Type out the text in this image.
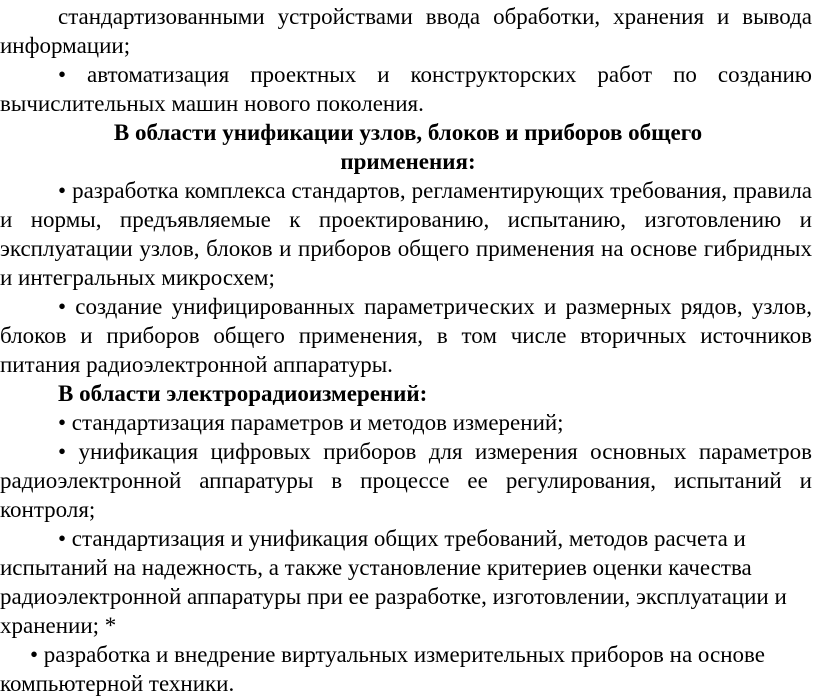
стандартизованными устройствами ввода обработки, хранения и вывода информации;

• автоматизация проектных и конструкторских работ по созданию вычислительных машин нового поколения.

В области унификации узлов, блоков и приборов общего

применения:

• разработка комплекса стандартов, регламентирующих требования, правила и нормы, предъявляемые к проектированию, испытанию, изготовлению и эксплуатации узлов, блоков и приборов общего применения на основе гибридных и интегральных микросхем;

• создание унифицированных параметрических и размерных рядов, узлов, блоков и приборов общего применения, в том числе вторичных источников питания радиоэлектронной аппаратуры.

В области электрорадиоизмерений:

• стандартизация параметров и методов измерений;

• унификация цифровых приборов для измерения основных параметров радиоэлектронной аппаратуры в процессе ее регулирования, испытаний и контроля;

• стандартизация и унификация общих требований, методов расчета и испытаний на надежность, а также установление критериев оценки качества радиоэлектронной аппаратуры при ее разработке, изготовлении, эксплуатации и хранении; *

• разработка и внедрение виртуальных измерительных приборов на основе компьютерной техники.
